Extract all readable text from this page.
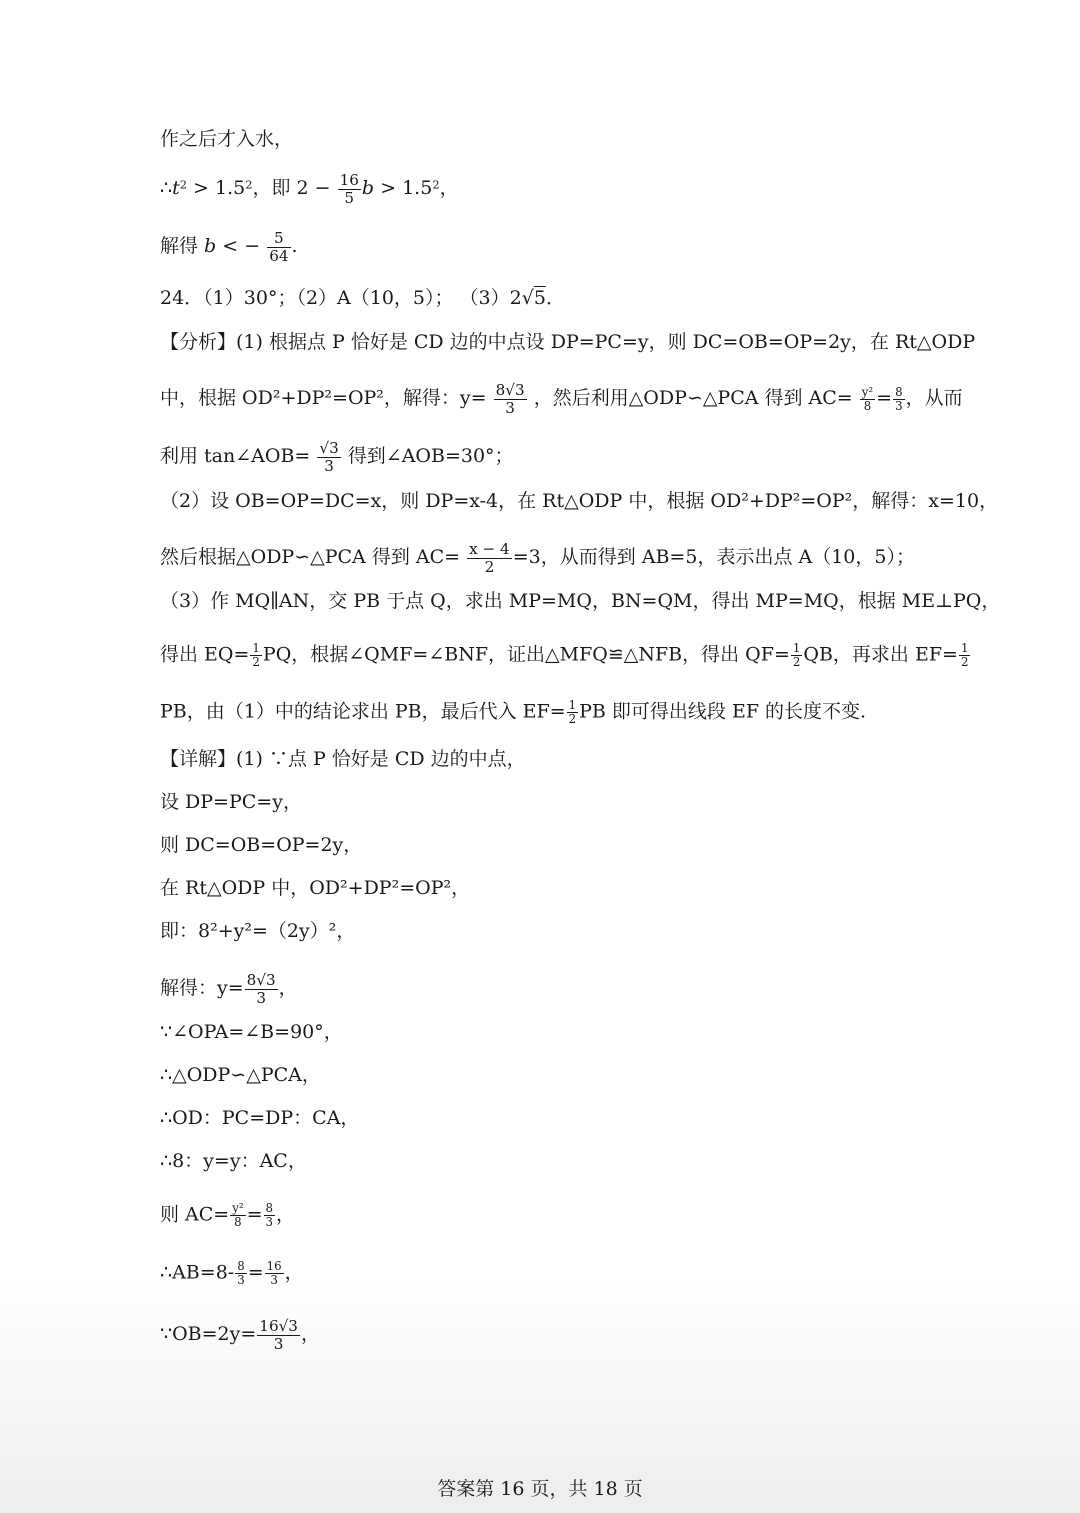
作之后才入水，
$\therefore t^2 > 1.5^2$，即 $2 - \frac{16}{5}$ $b > 1.5^2$，
解得 b < − $\frac{5}{64}$ .
24．（1）30°；（2）A（10，5）； （3）2√5．
【分析】(1) 根据点 P 恰好是 CD 边的中点设 DP=PC=y，则 DC=OB=OP=2y，在 Rt△ODP
中，根据 OD²+DP²=OP²，解得：$y= \frac{8√3}{3}$ ，然后利用△ODP∽△PCA 得到 $AC= \frac{\text{y²}}{8} = \frac{8}{3}$ ，从而
利用 tan∠AOB= $\frac{√3}{3}$ 得到∠AOB=30°；
（2）设 OB=OP=DC=x，则 DP=x-4，在 Rt△ODP 中，根据 OD²+DP²=OP²，解得：x=10，
然后根据△ODP∽△PCA 得到 $AC= \frac{x - 4}{2} =3$，从而得到 AB=5，表示出点 A（10，5）；
（3）作 MQ∥AN，交 PB 于点 Q，求出 MP=MQ，BN=QM，得出 MP=MQ，根据 ME⊥PQ，
得出 $EQ= \frac{1}{2}$ PQ，根据∠QMF=∠BNF，证出△MFQ≌△NFB，得出 $QF= \frac{1}{2}$ QB，再求出 $EF= \frac{1}{2}$
PB，由（1）中的结论求出 PB，最后代入 $EF= \frac{1}{2}$ PB 即可得出线段 EF 的长度不变.
【详解】(1) ∵点 P 恰好是 CD 边的中点，
设 DP=PC=y，
则 DC=OB=OP=2y，
在 Rt△ODP 中，OD²+DP²=OP²，
即：8²+y²=（2y）²，
解得：$y= \frac{8√3}{3}$ ，
∵∠OPA=∠B=90°，
∴△ODP∽△PCA，
∴OD：PC=DP：CA，
∴8：y=y：AC，
则 $AC= \frac{\text{y²}}{8} = \frac{8}{3}$ ，
∴AB=8- $\frac{8}{3} = \frac{16}{3}$ ，
∵OB=2y= $\frac{16√3}{3}$ ，
答案第 16 页，共 18 页
